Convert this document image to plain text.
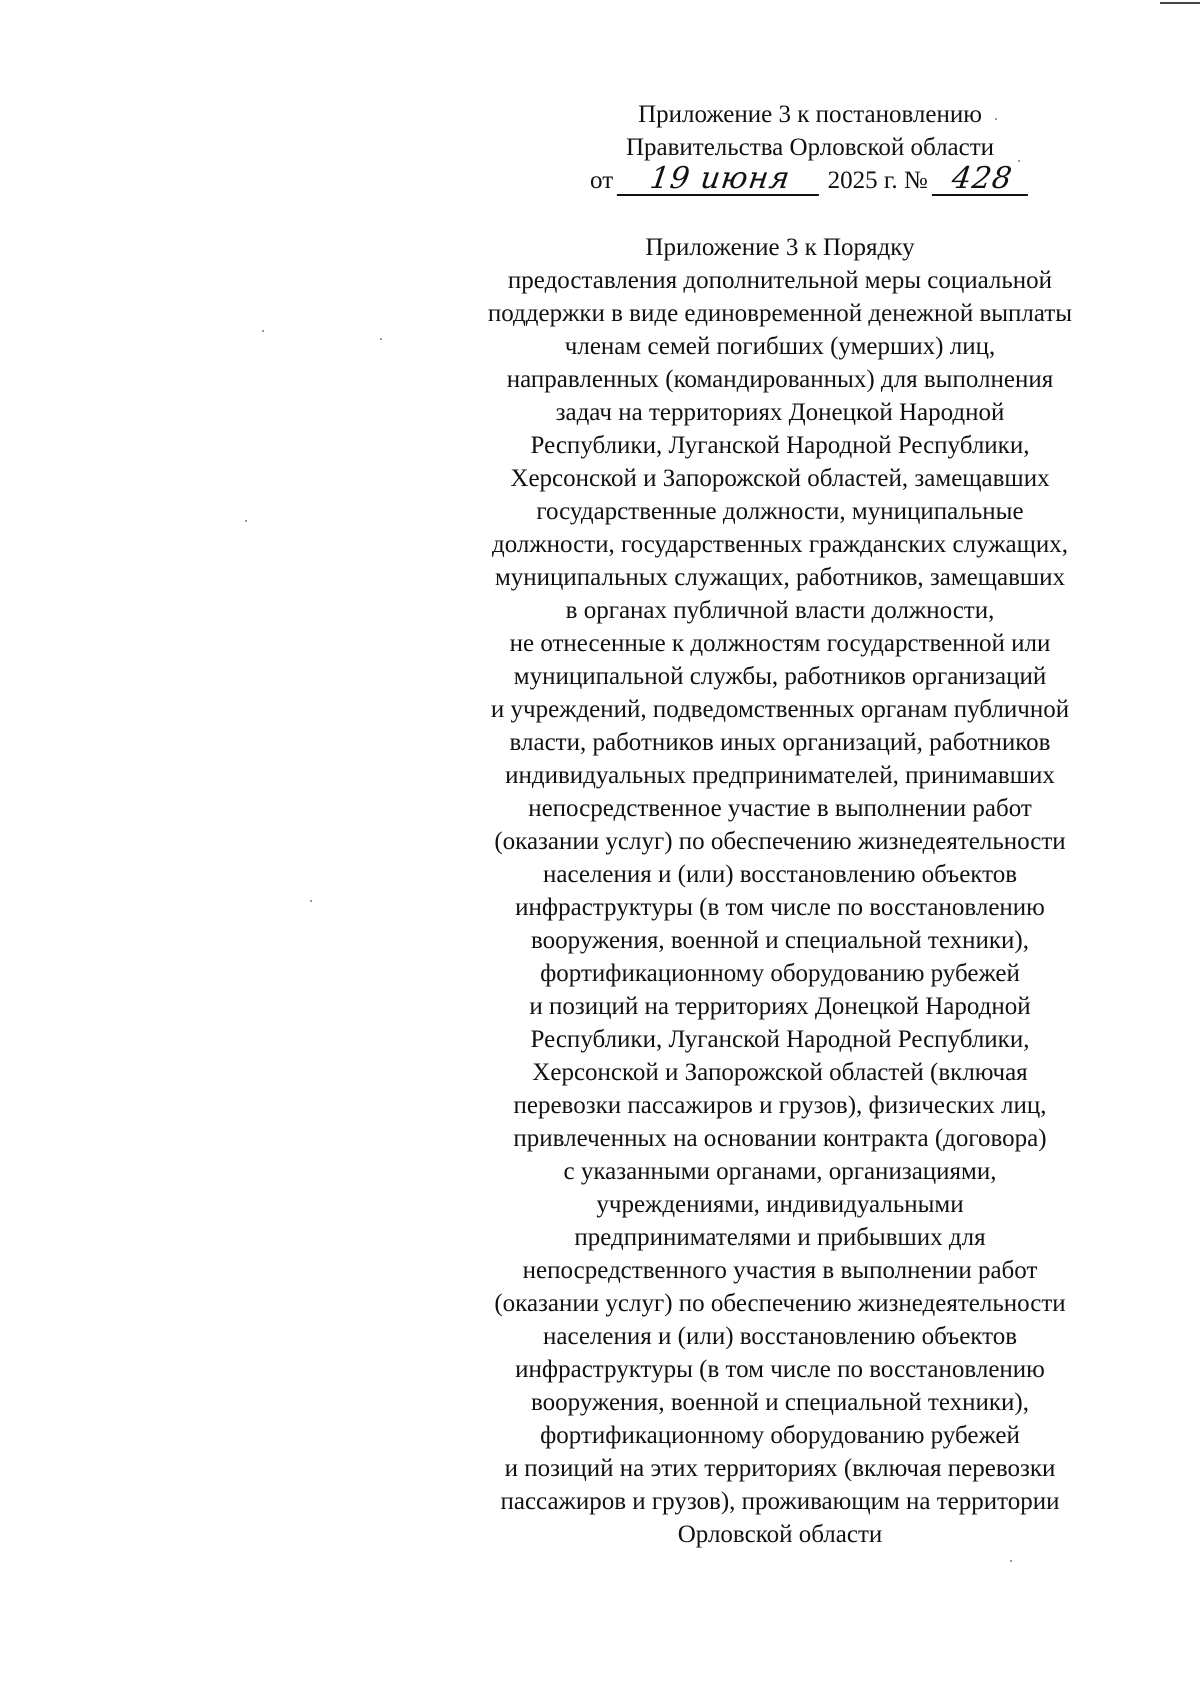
Приложение 3 к постановлению
Правительства Орловской области
от 19 июня 2025 г. № 428
Приложение 3 к Порядку
предоставления дополнительной меры социальной
поддержки в виде единовременной денежной выплаты
членам семей погибших (умерших) лиц,
направленных (командированных) для выполнения
задач на территориях Донецкой Народной
Республики, Луганской Народной Республики,
Херсонской и Запорожской областей, замещавших
государственные должности, муниципальные
должности, государственных гражданских служащих,
муниципальных служащих, работников, замещавших
в органах публичной власти должности,
не отнесенные к должностям государственной или
муниципальной службы, работников организаций
и учреждений, подведомственных органам публичной
власти, работников иных организаций, работников
индивидуальных предпринимателей, принимавших
непосредственное участие в выполнении работ
(оказании услуг) по обеспечению жизнедеятельности
населения и (или) восстановлению объектов
инфраструктуры (в том числе по восстановлению
вооружения, военной и специальной техники),
фортификационному оборудованию рубежей
и позиций на территориях Донецкой Народной
Республики, Луганской Народной Республики,
Херсонской и Запорожской областей (включая
перевозки пассажиров и грузов), физических лиц,
привлеченных на основании контракта (договора)
с указанными органами, организациями,
учреждениями, индивидуальными
предпринимателями и прибывших для
непосредственного участия в выполнении работ
(оказании услуг) по обеспечению жизнедеятельности
населения и (или) восстановлению объектов
инфраструктуры (в том числе по восстановлению
вооружения, военной и специальной техники),
фортификационному оборудованию рубежей
и позиций на этих территориях (включая перевозки
пассажиров и грузов), проживающим на территории
Орловской области
